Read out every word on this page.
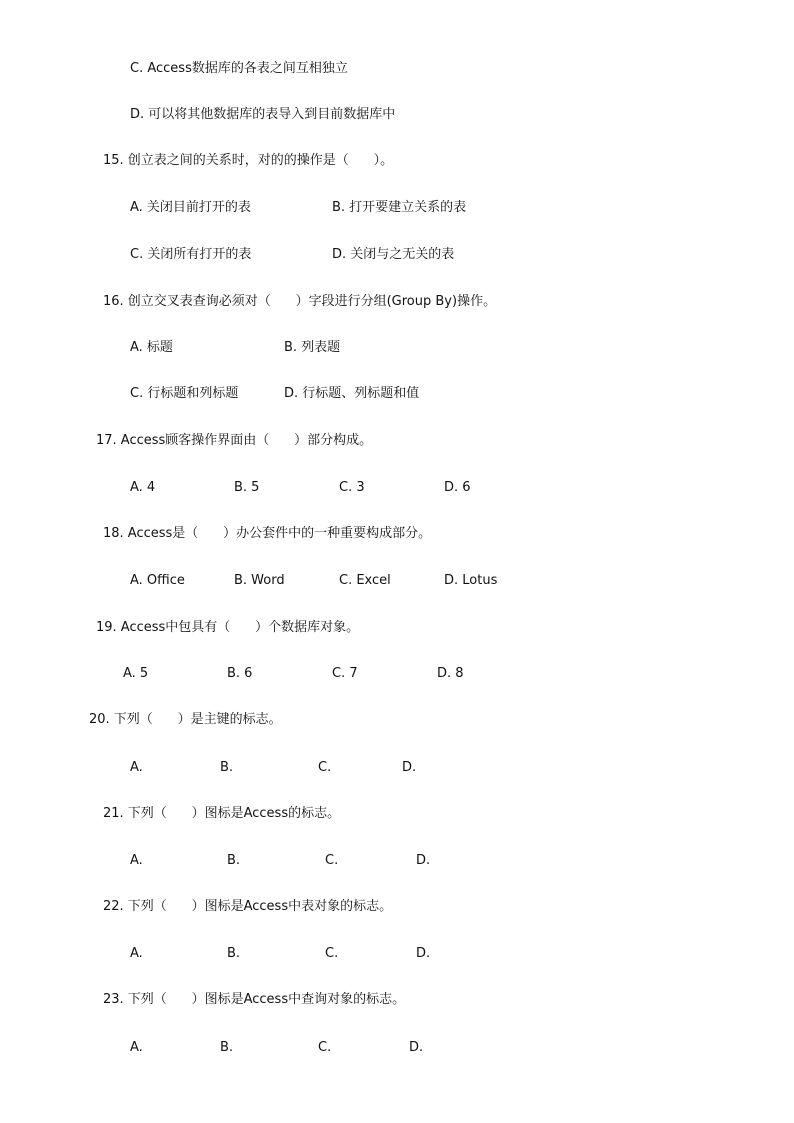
C. Access数据库的各表之间互相独立
D. 可以将其他数据库的表导入到目前数据库中
15. 创立表之间的关系时，对的的操作是（      ）。
A. 关闭目前打开的表	B. 打开要建立关系的表
C. 关闭所有打开的表	D. 关闭与之无关的表
16. 创立交叉表查询必须对（      ）字段进行分组(Group By)操作。
A. 标题	B. 列表题
C. 行标题和列标题	D. 行标题、列标题和值
17. Access顾客操作界面由（      ）部分构成。
A. 4	B. 5	C. 3	D. 6
18. Access是（      ）办公套件中的一种重要构成部分。
A. Office	B. Word	C. Excel	D. Lotus
19. Access中包具有（      ）个数据库对象。
A. 5	B. 6	C. 7	D. 8
20. 下列（      ）是主键的标志。
A.	B.	C.	D.
21. 下列（      ）图标是Access的标志。
A.	B.	C.	D.
22. 下列（      ）图标是Access中表对象的标志。
A.	B.	C.	D.
23. 下列（      ）图标是Access中查询对象的标志。
A.	B.	C.	D.
